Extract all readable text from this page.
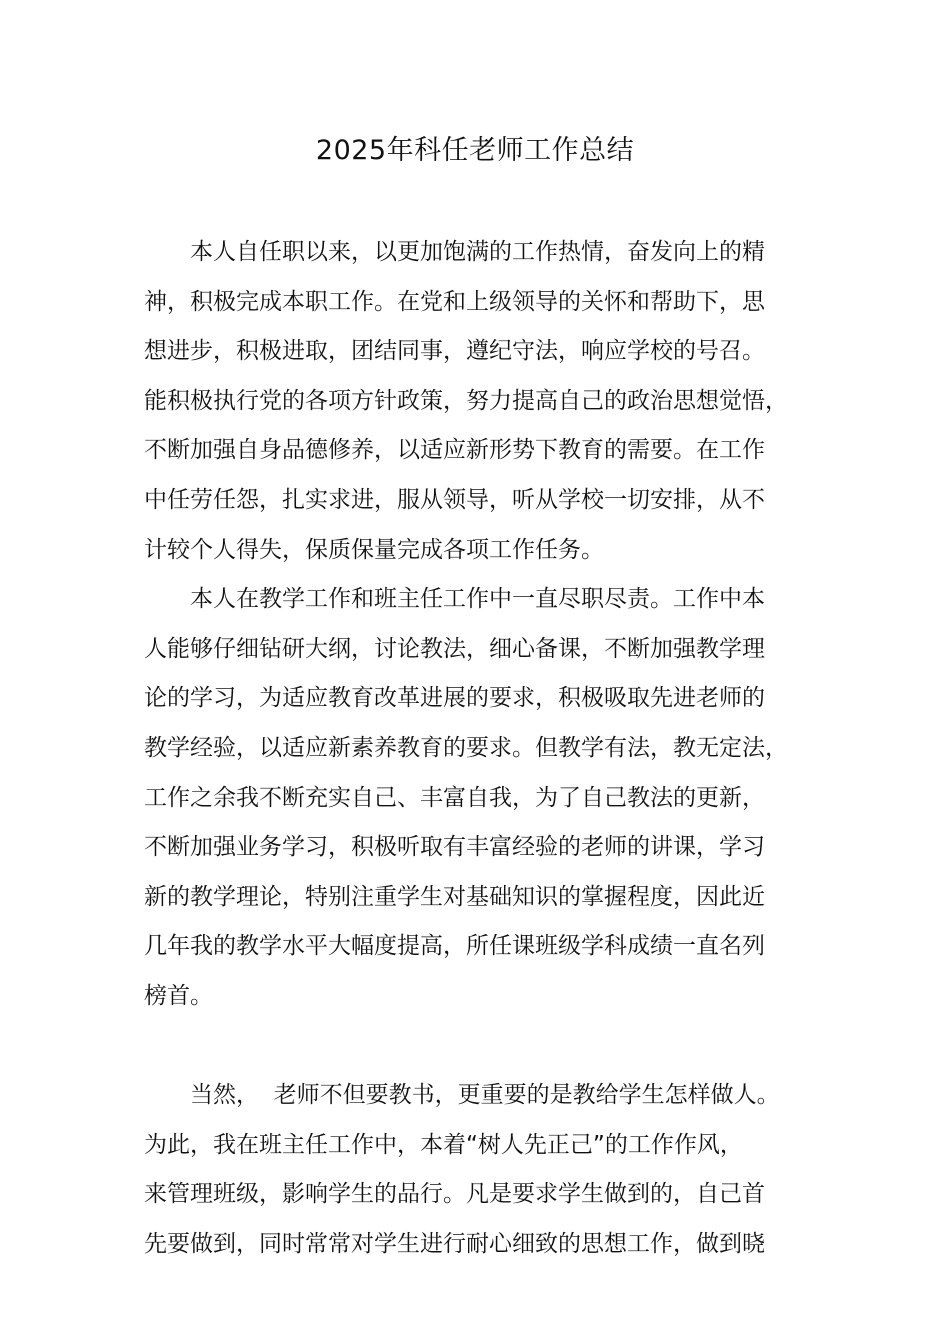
2025年科任老师工作总结
本人自任职以来，以更加饱满的工作热情，奋发向上的精
神，积极完成本职工作。在党和上级领导的关怀和帮助下，思
想进步，积极进取，团结同事，遵纪守法，响应学校的号召。
能积极执行党的各项方针政策，努力提高自己的政治思想觉悟，
不断加强自身品德修养，以适应新形势下教育的需要。在工作
中任劳任怨，扎实求进，服从领导，听从学校一切安排，从不
计较个人得失，保质保量完成各项工作任务。
本人在教学工作和班主任工作中一直尽职尽责。工作中本
人能够仔细钻研大纲，讨论教法，细心备课，不断加强教学理
论的学习，为适应教育改革进展的要求，积极吸取先进老师的
教学经验，以适应新素养教育的要求。但教学有法，教无定法，
工作之余我不断充实自己、丰富自我，为了自己教法的更新，
不断加强业务学习，积极听取有丰富经验的老师的讲课，学习
新的教学理论，特别注重学生对基础知识的掌握程度，因此近
几年我的教学水平大幅度提高，所任课班级学科成绩一直名列
榜首。
当然，  老师不但要教书，更重要的是教给学生怎样做人。
为此，我在班主任工作中，本着“树人先正己”的工作作风，
来管理班级，影响学生的品行。凡是要求学生做到的，自己首
先要做到，同时常常对学生进行耐心细致的思想工作，做到晓
